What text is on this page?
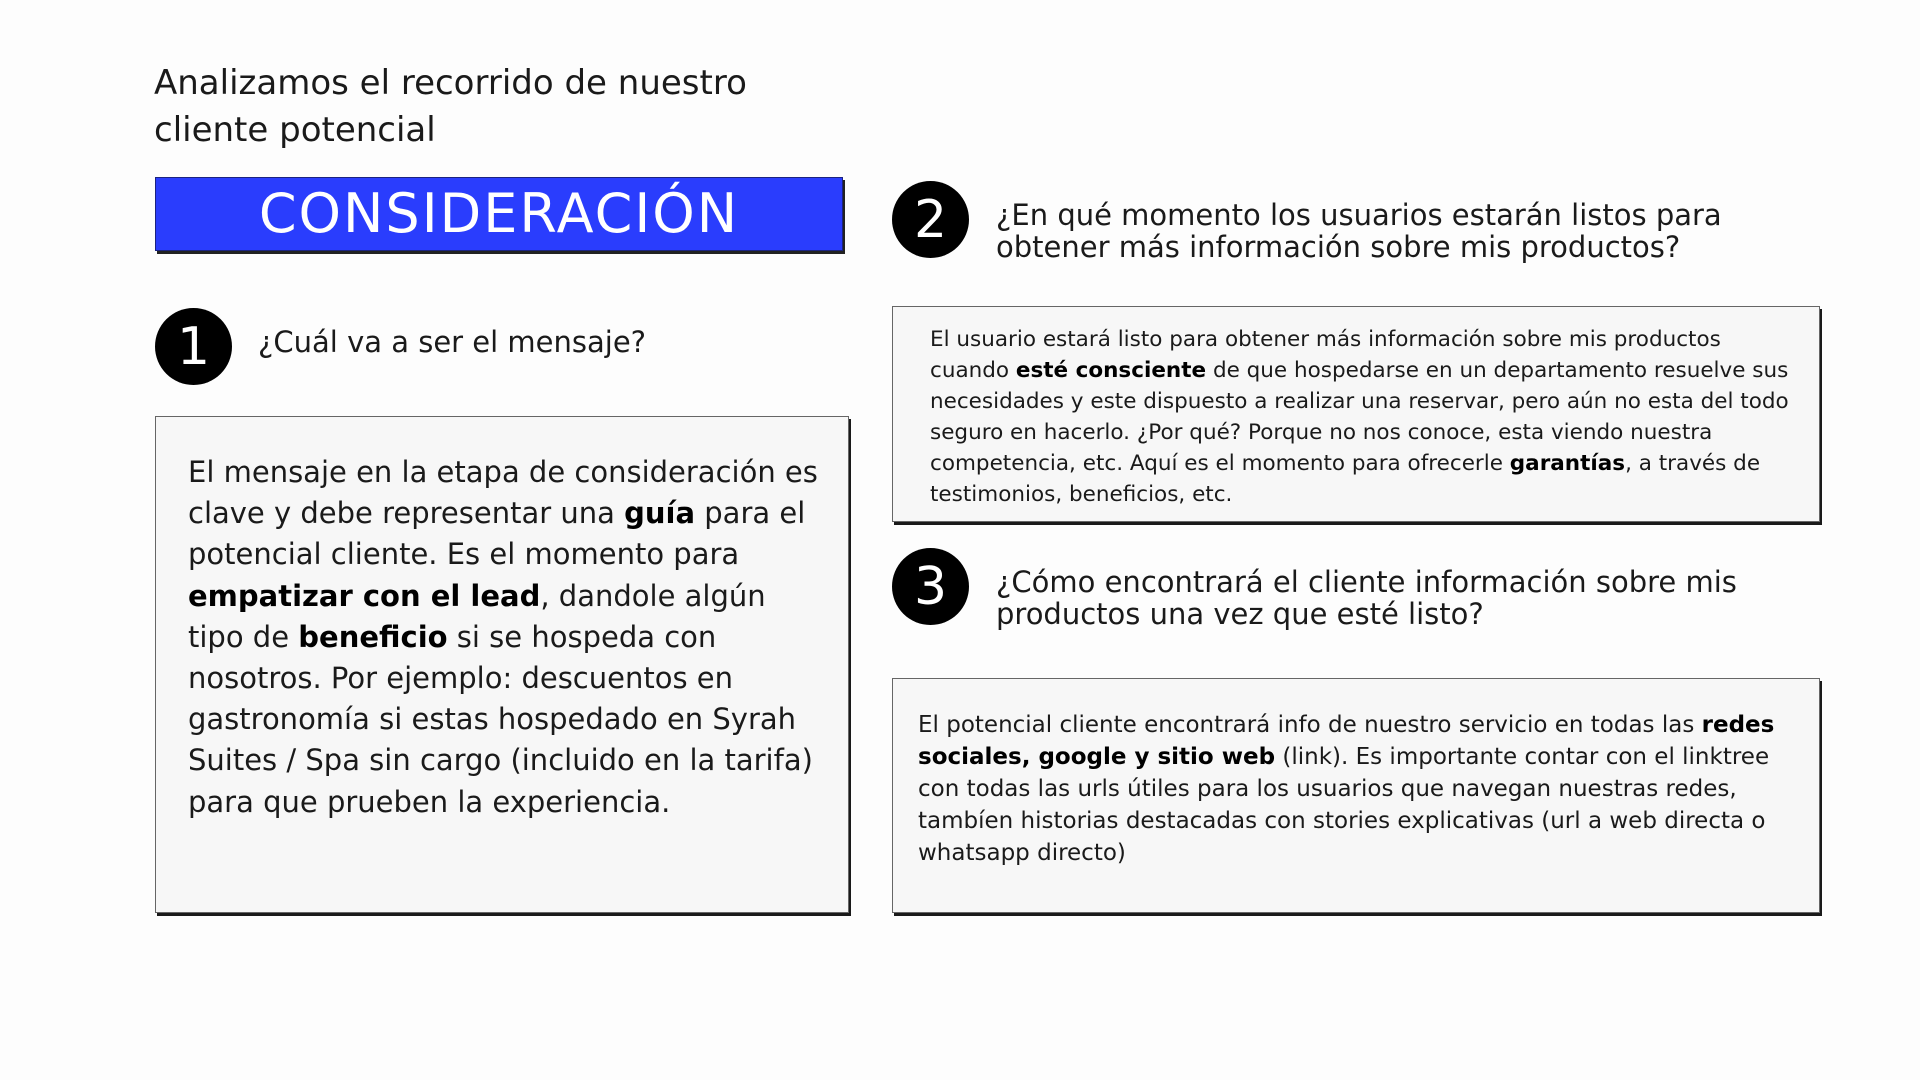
Analizamos el recorrido de nuestro
cliente potencial
CONSIDERACIÓN
1 ¿Cuál va a ser el mensaje?

El mensaje en la etapa de consideración es clave y debe representar una guía para el potencial cliente. Es el momento para empatizar con el lead, dandole algún tipo de beneficio si se hospeda con nosotros. Por ejemplo: descuentos en gastronomía si estas hospedado en Syrah Suites / Spa sin cargo (incluido en la tarifa) para que prueben la experiencia.

2 ¿En qué momento los usuarios estarán listos para
obtener más información sobre mis productos?

El usuario estará listo para obtener más información sobre mis productos cuando esté consciente de que hospedarse en un departamento resuelve sus necesidades y este dispuesto a realizar una reservar, pero aún no esta del todo seguro en hacerlo. ¿Por qué? Porque no nos conoce, esta viendo nuestra competencia, etc. Aquí es el momento para ofrecerle garantías, a través de testimonios, beneficios, etc.

3 ¿Cómo encontrará el cliente información sobre mis
productos una vez que esté listo?

El potencial cliente encontrará info de nuestro servicio en todas las redes sociales, google y sitio web (link). Es importante contar con el linktree con todas las urls útiles para los usuarios que navegan nuestras redes, tambíen historias destacadas con stories explicativas (url a web directa o whatsapp directo)
